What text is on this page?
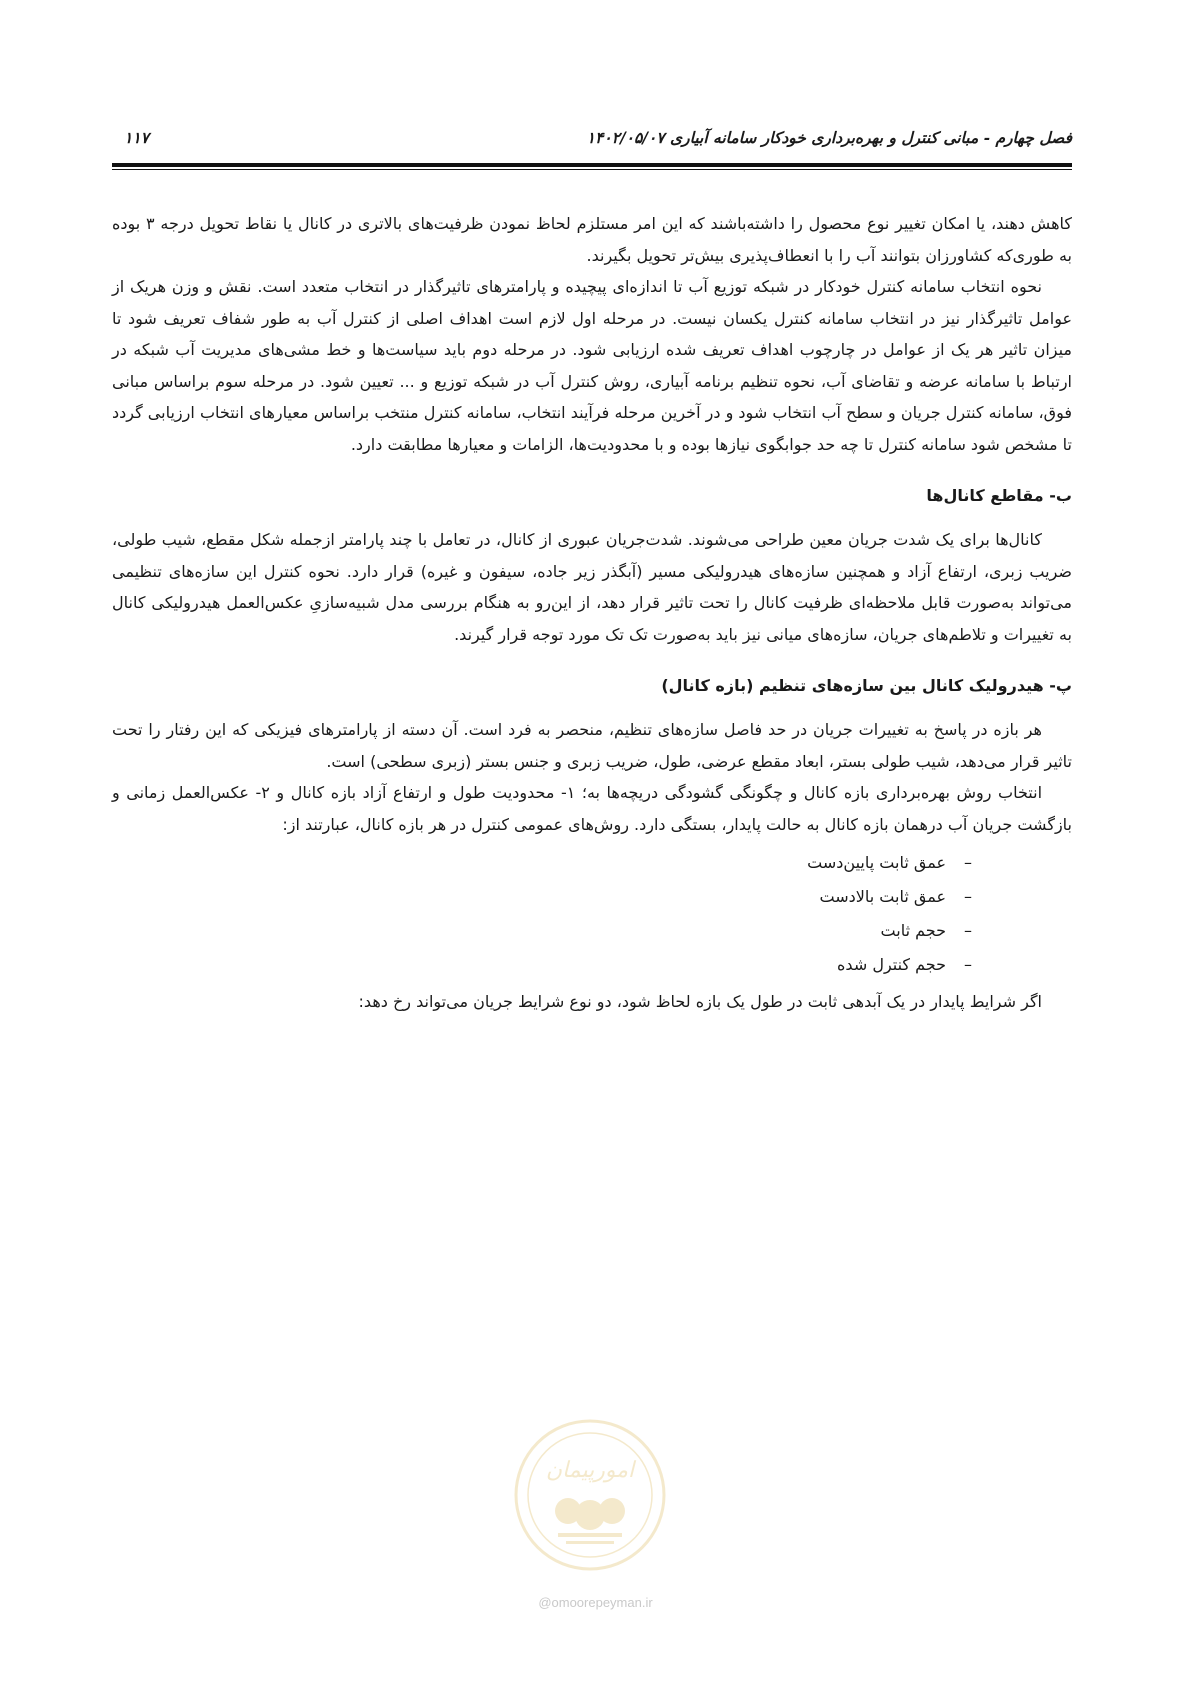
فصل چهارم - مبانی کنترل و بهره‌برداری خودکار سامانه آبیاری ۱۴۰۲/۰۵/۰۷
۱۱۷

کاهش دهند، یا امکان تغییر نوع محصول را داشته‌باشند که این امر مستلزم لحاظ نمودن ظرفیت‌های بالاتری در کانال یا نقاط تحویل درجه ۳ بوده به طوری‌که کشاورزان بتوانند آب را با انعطاف‌پذیری بیش‌تر تحویل بگیرند.

نحوه انتخاب سامانه کنترل خودکار در شبکه توزیع آب تا اندازه‌ای پیچیده و پارامترهای تاثیرگذار در انتخاب متعدد است. نقش و وزن هریک از عوامل تاثیرگذار نیز در انتخاب سامانه کنترل یکسان نیست. در مرحله اول لازم است اهداف اصلی از کنترل آب به طور شفاف تعریف شود تا میزان تاثیر هر یک از عوامل در چارچوب اهداف تعریف شده ارزیابی شود. در مرحله دوم باید سیاست‌ها و خط مشی‌های مدیریت آب شبکه در ارتباط با سامانه عرضه و تقاضای آب، نحوه تنظیم برنامه آبیاری، روش کنترل آب در شبکه توزیع و ... تعیین شود. در مرحله سوم براساس مبانی فوق، سامانه کنترل جریان و سطح آب انتخاب شود و در آخرین مرحله فرآیند انتخاب، سامانه کنترل منتخب براساس معیارهای انتخاب ارزیابی گردد تا مشخص شود سامانه کنترل تا چه حد جوابگوی نیازها بوده و با محدودیت‌ها، الزامات و معیارها مطابقت دارد.

ب- مقاطع کانال‌ها

کانال‌ها برای یک شدت جریان معین طراحی می‌شوند. شدت‌جریان عبوری از کانال، در تعامل با چند پارامتر ازجمله شکل مقطع، شیب طولی، ضریب زبری، ارتفاع آزاد و همچنین سازه‌های هیدرولیکی مسیر (آبگذر زیر جاده، سیفون و غیره) قرار دارد. نحوه کنترل این سازه‌های تنظیمی می‌تواند به‌صورت قابل ملاحظه‌ای ظرفیت کانال را تحت تاثیر قرار دهد، از این‌رو به هنگام بررسی مدل شبیه‌سازیِ عکس‌العمل هیدرولیکی کانال به تغییرات و تلاطم‌های جریان، سازه‌های میانی نیز باید به‌صورت تک تک مورد توجه قرار گیرند.

پ- هیدرولیک کانال بین سازه‌های تنظیم (بازه کانال)

هر بازه در پاسخ به تغییرات جریان در حد فاصل سازه‌های تنظیم، منحصر به فرد است. آن دسته از پارامترهای فیزیکی که این رفتار را تحت تاثیر قرار می‌دهد، شیب طولی بستر، ابعاد مقطع عرضی، طول، ضریب زبری و جنس بستر (زبری سطحی) است.

انتخاب روش بهره‌برداری بازه کانال و چگونگی گشودگی دریچه‌ها به؛ ۱- محدودیت طول و ارتفاع آزاد بازه کانال و ۲- عکس‌العمل زمانی و بازگشت جریان آب درهمان بازه کانال به حالت پایدار، بستگی دارد. روش‌های عمومی کنترل در هر بازه کانال، عبارتند از:

–عمق ثابت پایین‌دست
–عمق ثابت بالادست
–حجم ثابت
–حجم کنترل شده

اگر شرایط پایدار در یک آبدهی ثابت در طول یک بازه لحاظ شود، دو نوع شرایط جریان می‌تواند رخ دهد:

امورپیمان
@omoorepeyman.ir
